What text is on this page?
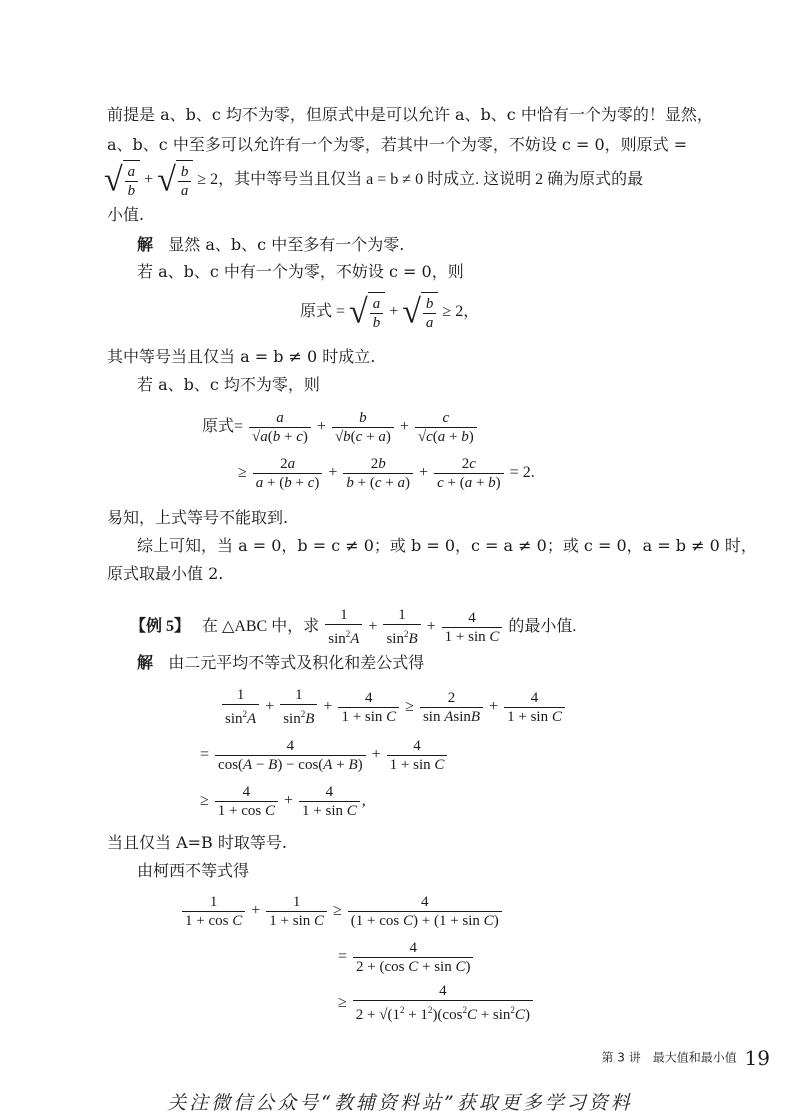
前提是 a、b、c 均不为零，但原式中是可以允许 a、b、c 中恰有一个为零的！显然，
a、b、c 中至多可以允许有一个为零，若其中一个为零，不妨设 c = 0，则原式 =
√ $\frac{a}{b}$ + √ $\frac{b}{a} \ge 2$，其中等号当且仅当 a = b ≠ 0 时成立. 这说明 2 确为原式的最
小值.
解 显然 a、b、c 中至多有一个为零.
若 a、b、c 中有一个为零，不妨设 c = 0，则
原式 = √ $\frac{a}{b}$ + √ $\frac{b}{a} \ge 2$，
其中等号当且仅当 a = b ≠ 0 时成立.
若 a、b、c 均不为零，则
原式= $\frac{a}{√a(b + c)} + \frac{b}{√b(c + a)} + \frac{c}{√c(a + b)}$
≥ $\frac{2a}{a + (b + c)} + \frac{2b}{b + (c + a)} + \frac{2c}{c + (a + b)} = 2$.
易知，上式等号不能取到.
综上可知，当 a = 0，b = c ≠ 0；或 b = 0，c = a ≠ 0；或 c = 0，a = b ≠ 0 时，
原式取最小值 2.
【例 5】 在 △ABC 中，求 $\frac{1}{\sin^2A} + \frac{1}{\sin^2B} + \frac{4}{\text{1 + sin C}}$ 的最小值.
解 由二元平均不等式及积化和差公式得
$\frac{1}{\sin^2A} + \frac{1}{\sin^2B} + \frac{4}{\text{1 + sin C}} \ge \frac{2}{\text{sin AsinB}} + \frac{4}{\text{1 + sin C}}$
= $\frac{4}{\cos(A - B) - \cos(A + B)} + \frac{4}{\text{1 + sin C}}$
≥ $\frac{4}{\text{1 + cos C}} + \frac{4}{\text{1 + sin C}}$ ,
当且仅当 A=B 时取等号.
由柯西不等式得
$\frac{1}{\text{1 + cos C}} + \frac{1}{\text{1 + sin C}} \ge \frac{4}{\text{(1 + cos C) + (1 + sin C)}}$
= $\frac{4}{\text{2 + (cos C + sin C)}}$
≥ $\frac{4}{2 + √(1^2 + 1^2)(\cos^2C + \sin^2C)}$
第 3 讲　最大值和最小值 19
关注微信公众号“教辅资料站”获取更多学习资料
